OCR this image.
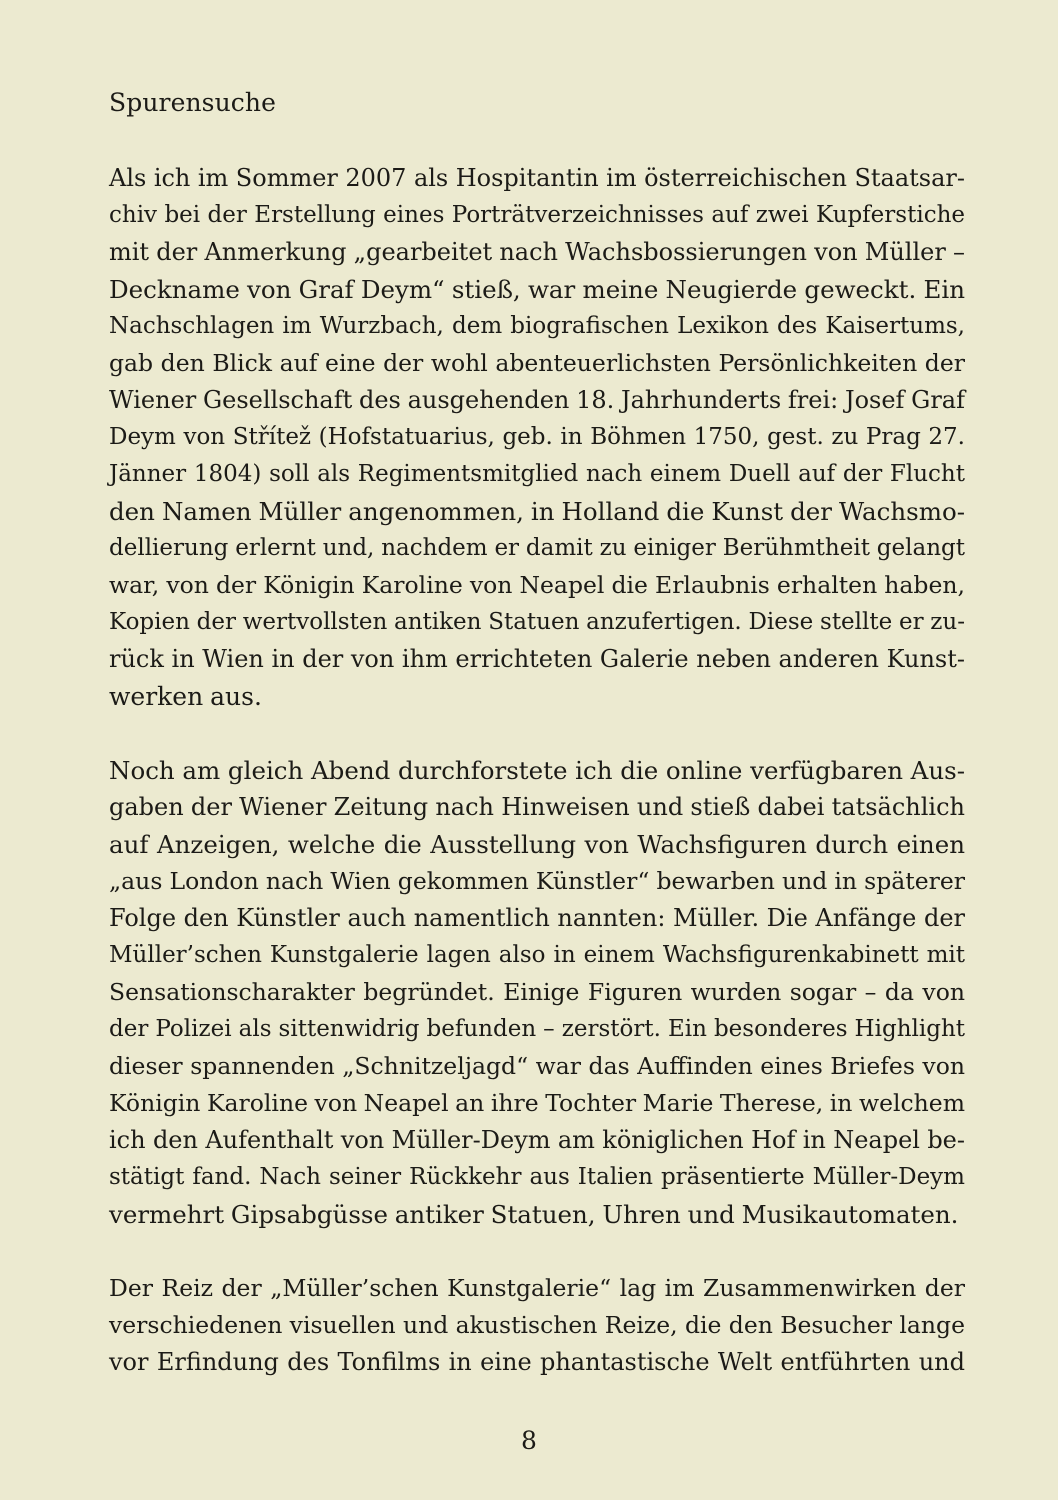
Spurensuche
Als ich im Sommer 2007 als Hospitantin im österreichischen Staatsar-
chiv bei der Erstellung eines Porträtverzeichnisses auf zwei Kupferstiche
mit der Anmerkung „gearbeitet nach Wachsbossierungen von Müller –
Deckname von Graf Deym“ stieß, war meine Neugierde geweckt. Ein
Nachschlagen im Wurzbach, dem biografischen Lexikon des Kaisertums,
gab den Blick auf eine der wohl abenteuerlichsten Persönlichkeiten der
Wiener Gesellschaft des ausgehenden 18. Jahrhunderts frei: Josef Graf
Deym von Střítež (Hofstatuarius, geb. in Böhmen 1750, gest. zu Prag 27.
Jänner 1804) soll als Regimentsmitglied nach einem Duell auf der Flucht
den Namen Müller angenommen, in Holland die Kunst der Wachsmo-
dellierung erlernt und, nachdem er damit zu einiger Berühmtheit gelangt
war, von der Königin Karoline von Neapel die Erlaubnis erhalten haben,
Kopien der wertvollsten antiken Statuen anzufertigen. Diese stellte er zu-
rück in Wien in der von ihm errichteten Galerie neben anderen Kunst-
werken aus.
Noch am gleich Abend durchforstete ich die online verfügbaren Aus-
gaben der Wiener Zeitung nach Hinweisen und stieß dabei tatsächlich
auf Anzeigen, welche die Ausstellung von Wachsfiguren durch einen
„aus London nach Wien gekommen Künstler“ bewarben und in späterer
Folge den Künstler auch namentlich nannten: Müller. Die Anfänge der
Müller’schen Kunstgalerie lagen also in einem Wachsfigurenkabinett mit
Sensationscharakter begründet. Einige Figuren wurden sogar – da von
der Polizei als sittenwidrig befunden – zerstört. Ein besonderes Highlight
dieser spannenden „Schnitzeljagd“ war das Auffinden eines Briefes von
Königin Karoline von Neapel an ihre Tochter Marie Therese, in welchem
ich den Aufenthalt von Müller-Deym am königlichen Hof in Neapel be-
stätigt fand. Nach seiner Rückkehr aus Italien präsentierte Müller-Deym
vermehrt Gipsabgüsse antiker Statuen, Uhren und Musikautomaten.
Der Reiz der „Müller’schen Kunstgalerie“ lag im Zusammenwirken der
verschiedenen visuellen und akustischen Reize, die den Besucher lange
vor Erfindung des Tonfilms in eine phantastische Welt entführten und
8
